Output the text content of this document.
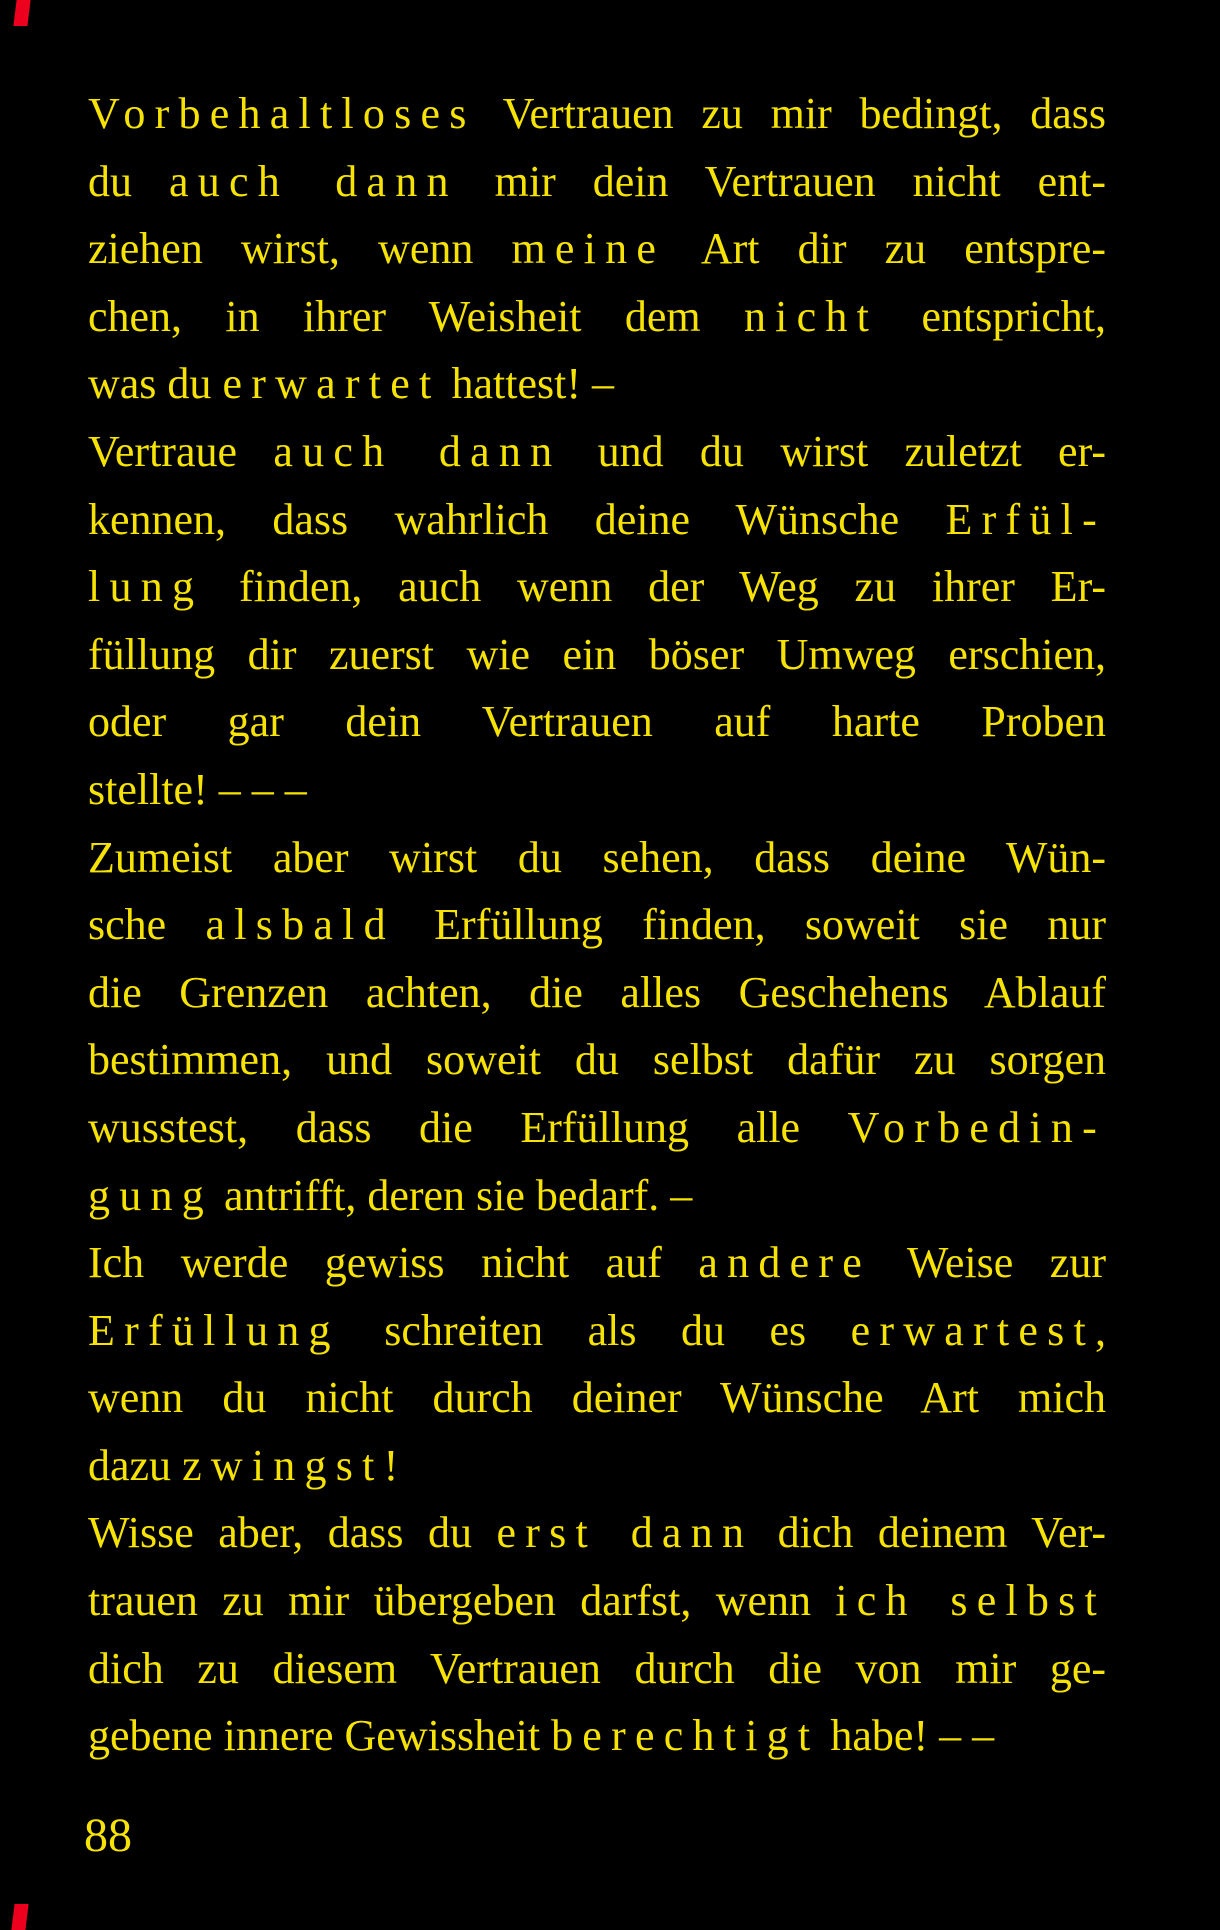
Vorbehaltloses Vertrauen zu mir bedingt, dass
du auch dann mir dein Vertrauen nicht ent-
ziehen wirst, wenn meine Art dir zu entspre-
chen, in ihrer Weisheit dem nicht entspricht,
was du erwartet hattest! –
Vertraue auch dann und du wirst zuletzt er-
kennen, dass wahrlich deine Wünsche Erfül-
lung finden, auch wenn der Weg zu ihrer Er-
füllung dir zuerst wie ein böser Umweg erschien,
oder gar dein Vertrauen auf harte Proben
stellte! – – –
Zumeist aber wirst du sehen, dass deine Wün-
sche alsbald Erfüllung finden, soweit sie nur
die Grenzen achten, die alles Geschehens Ablauf
bestimmen, und soweit du selbst dafür zu sorgen
wusstest, dass die Erfüllung alle Vorbedin-
gung antrifft, deren sie bedarf. –
Ich werde gewiss nicht auf andere Weise zur
Erfüllung schreiten als du es erwartest,
wenn du nicht durch deiner Wünsche Art mich
dazu zwingst!
Wisse aber, dass du erst dann dich deinem Ver-
trauen zu mir übergeben darfst, wenn ich selbst
dich zu diesem Vertrauen durch die von mir ge-
gebene innere Gewissheit berechtigt habe! – –
88
